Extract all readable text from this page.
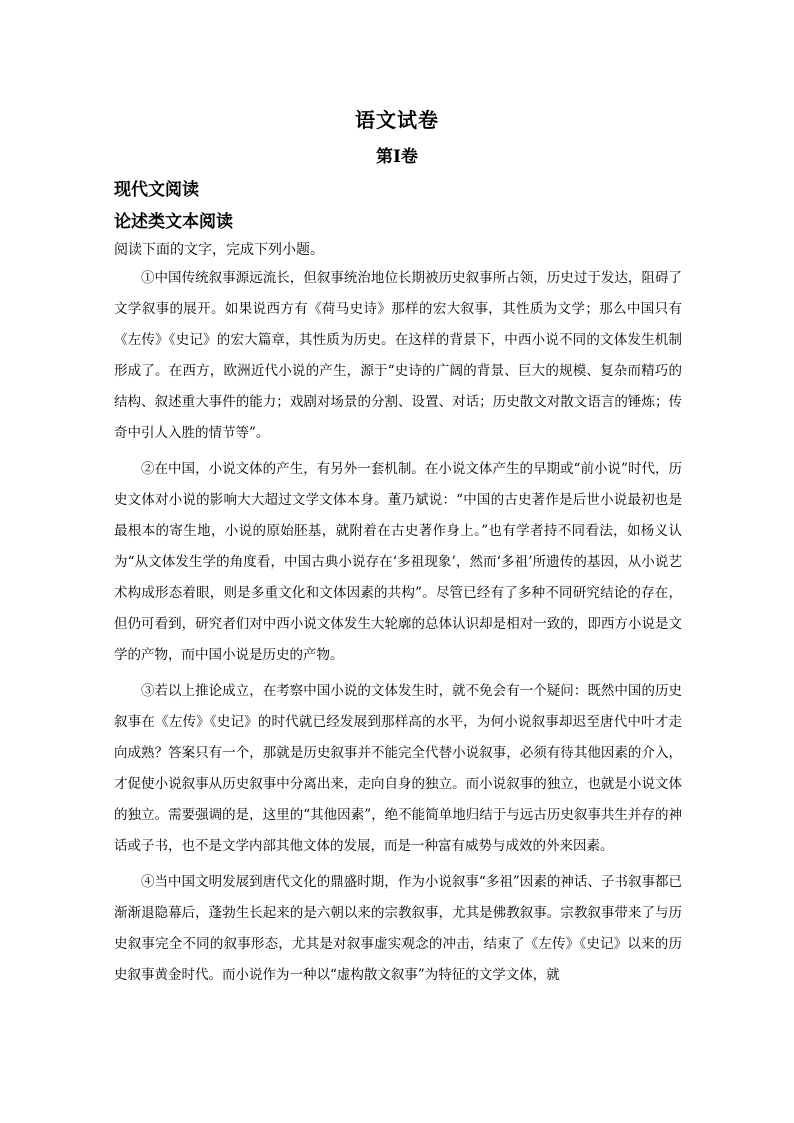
语文试卷
第Ⅰ卷
现代文阅读
论述类文本阅读
阅读下面的文字，完成下列小题。

①中国传统叙事源远流长，但叙事统治地位长期被历史叙事所占领，历史过于发达，阻碍了文学叙事的展开。如果说西方有《荷马史诗》那样的宏大叙事，其性质为文学；那么中国只有《左传》《史记》的宏大篇章，其性质为历史。在这样的背景下，中西小说不同的文体发生机制形成了。在西方，欧洲近代小说的产生，源于“史诗的广阔的背景、巨大的规模、复杂而精巧的结构、叙述重大事件的能力；戏剧对场景的分割、设置、对话；历史散文对散文语言的锤炼；传奇中引人入胜的情节等”。

②在中国，小说文体的产生，有另外一套机制。在小说文体产生的早期或“前小说”时代，历史文体对小说的影响大大超过文学文体本身。董乃斌说：“中国的古史著作是后世小说最初也是最根本的寄生地，小说的原始胚基，就附着在古史著作身上。”也有学者持不同看法，如杨义认为“从文体发生学的角度看，中国古典小说存在‘多祖现象’，然而‘多祖’所遗传的基因，从小说艺术构成形态着眼，则是多重文化和文体因素的共构”。尽管已经有了多种不同研究结论的存在，但仍可看到，研究者们对中西小说文体发生大轮廓的总体认识却是相对一致的，即西方小说是文学的产物，而中国小说是历史的产物。

③若以上推论成立，在考察中国小说的文体发生时，就不免会有一个疑问：既然中国的历史叙事在《左传》《史记》的时代就已经发展到那样高的水平，为何小说叙事却迟至唐代中叶才走向成熟？答案只有一个，那就是历史叙事并不能完全代替小说叙事，必须有待其他因素的介入，才促使小说叙事从历史叙事中分离出来，走向自身的独立。而小说叙事的独立，也就是小说文体的独立。需要强调的是，这里的“其他因素”，绝不能简单地归结于与远古历史叙事共生并存的神话或子书，也不是文学内部其他文体的发展，而是一种富有威势与成效的外来因素。

④当中国文明发展到唐代文化的鼎盛时期，作为小说叙事“多祖”因素的神话、子书叙事都已渐渐退隐幕后，蓬勃生长起来的是六朝以来的宗教叙事，尤其是佛教叙事。宗教叙事带来了与历史叙事完全不同的叙事形态，尤其是对叙事虚实观念的冲击，结束了《左传》《史记》以来的历史叙事黄金时代。而小说作为一种以“虚构散文叙事”为特征的文学文体，就
